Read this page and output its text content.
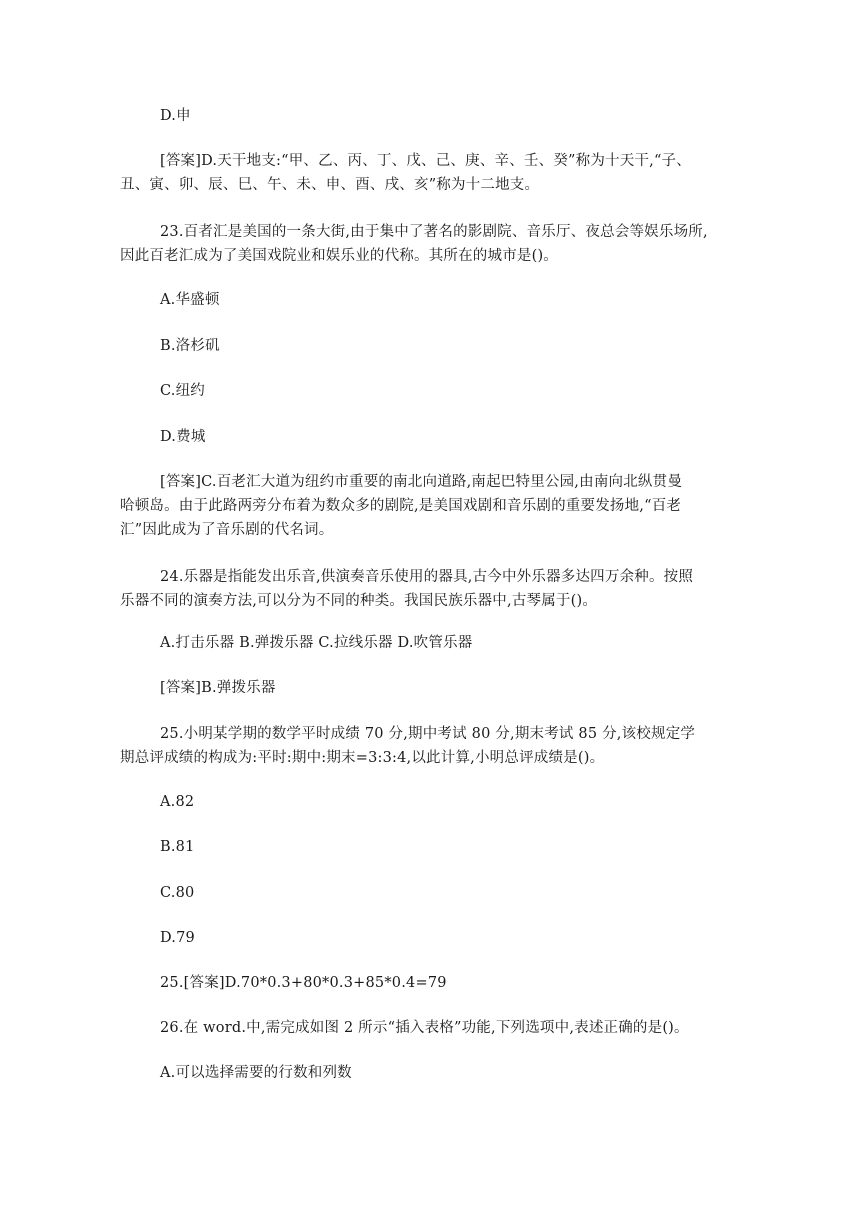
D.申
[答案]D.天干地支:“甲、乙、丙、丁、戊、己、庚、辛、壬、癸”称为十天干,“子、
丑、寅、卯、辰、巳、午、未、申、酉、戌、亥”称为十二地支。
23.百者汇是美国的一条大街,由于集中了著名的影剧院、音乐厅、夜总会等娱乐场所,
因此百老汇成为了美国戏院业和娱乐业的代称。其所在的城市是()。
A.华盛顿
B.洛杉矶
C.纽约
D.费城
[答案]C.百老汇大道为纽约市重要的南北向道路,南起巴特里公园,由南向北纵贯曼
哈顿岛。由于此路两旁分布着为数众多的剧院,是美国戏剧和音乐剧的重要发扬地,“百老
汇”因此成为了音乐剧的代名词。
24.乐器是指能发出乐音,供演奏音乐使用的器具,古今中外乐器多达四万余种。按照
乐器不同的演奏方法,可以分为不同的种类。我国民族乐器中,古琴属于()。
A.打击乐器 B.弹拨乐器 C.拉线乐器 D.吹管乐器
[答案]B.弹拨乐器
25.小明某学期的数学平时成绩 70 分,期中考试 80 分,期末考试 85 分,该校规定学
期总评成绩的构成为:平时:期中:期末=3:3:4,以此计算,小明总评成绩是()。
A.82
B.81
C.80
D.79
25.[答案]D.70*0.3+80*0.3+85*0.4=79
26.在 word.中,需完成如图 2 所示“插入表格”功能,下列选项中,表述正确的是()。
A.可以选择需要的行数和列数
